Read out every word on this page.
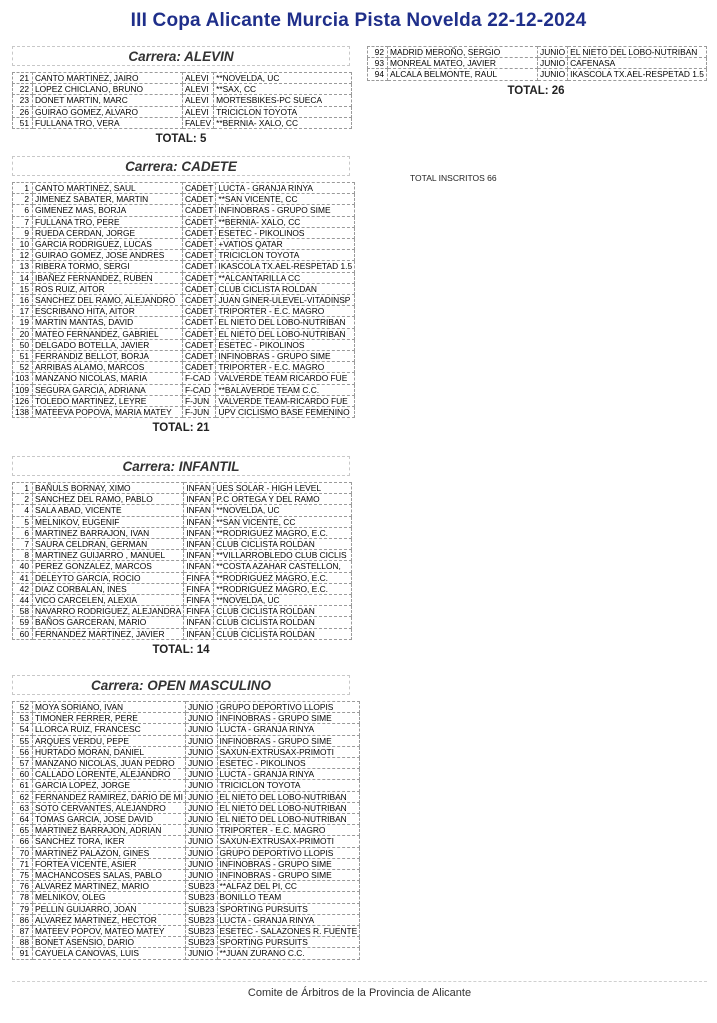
III Copa Alicante Murcia Pista Novelda 22-12-2024
Carrera: ALEVIN
21	CANTO MARTINEZ, JAIRO	ALEVI	**NOVELDA, UC
22	LOPEZ CHICLANO, BRUNO	ALEVI	**SAX, CC
23	DONET MARTIN, MARC	ALEVI	MORTESBIKES-PC SUECA
26	GUIRAO GOMEZ, ALVARO	ALEVI	TRICICLON TOYOTA
51	FULLANA TRO, VERA	FALEV	**BERNIA- XALO, CC
TOTAL: 5
Carrera: CADETE
1	CANTO MARTINEZ, SAUL	CADET	LUCTA - GRANJA RINYA
2	JIMENEZ SABATER, MARTIN	CADET	**SAN VICENTE, CC
6	GIMENEZ MAS, BORJA	CADET	INFINOBRAS - GRUPO SIME
7	FULLANA TRO, PERE	CADET	**BERNIA- XALO, CC
9	RUEDA CERDAN, JORGE	CADET	ESETEC - PIKOLINOS
10	GARCIA RODRIGUEZ, LUCAS	CADET	+VATIOS QATAR
12	GUIRAO GOMEZ, JOSE ANDRES	CADET	TRICICLON TOYOTA
13	RIBERA TORMO, SERGI	CADET	IKASCOLA TX.AEL-RESPETAD 1.5
14	IBAÑEZ FERNANDEZ, RUBEN	CADET	**ALCANTARILLA CC
15	ROS RUIZ, AITOR	CADET	CLUB CICLISTA ROLDAN
16	SANCHEZ DEL RAMO, ALEJANDRO	CADET	JUAN GINER-ULEVEL-VITADINSP
17	ESCRIBANO HITA, AITOR	CADET	TRIPORTER - E.C. MAGRO
19	MARTIN MANTAS, DAVID	CADET	EL NIETO DEL LOBO-NUTRIBAN
20	MATEO FERNANDEZ, GABRIEL	CADET	EL NIETO DEL LOBO-NUTRIBAN
50	DELGADO BOTELLA, JAVIER	CADET	ESETEC - PIKOLINOS
51	FERRANDIZ BELLOT, BORJA	CADET	INFINOBRAS - GRUPO SIME
52	ARRIBAS ALAMO, MARCOS	CADET	TRIPORTER - E.C. MAGRO
103	MANZANO NICOLAS, MARIA	F-CAD	VALVERDE TEAM RICARDO FUE
109	SEGURA GARCIA, ADRIANA	F-CAD	**BALAVERDE TEAM C.C.
126	TOLEDO MARTINEZ, LEYRE	F-JUN	VALVERDE TEAM-RICARDO FUE
138	MATEEVA POPOVA, MARIA MATEY	F-JUN	UPV CICLISMO BASE FEMENINO
TOTAL: 21
TOTAL INSCRITOS 66
Carrera: INFANTIL
1	BAÑULS BORNAY, XIMO	INFAN	UES SOLAR - HIGH LEVEL
2	SANCHEZ DEL RAMO, PABLO	INFAN	P.C ORTEGA Y DEL RAMO
4	SALA ABAD, VICENTE	INFAN	**NOVELDA, UC
5	MELNIKOV, EUGENIF	INFAN	**SAN VICENTE, CC
6	MARTINEZ BARRAJON, IVAN	INFAN	**RODRIGUEZ MAGRO, E.C.
7	SAURA CELDRAN, GERMAN	INFAN	CLUB CICLISTA ROLDAN
8	MARTINEZ GUIJARRO , MANUEL	INFAN	**VILLARROBLEDO CLUB CICLIS
40	PEREZ GONZALEZ, MARCOS	INFAN	**COSTA AZAHAR CASTELLON,
41	DELEYTO GARCIA, ROCIO	FINFA	**RODRIGUEZ MAGRO, E.C.
42	DIAZ CORBALAN, INES	FINFA	**RODRIGUEZ MAGRO, E.C.
44	VICO CARCELEN, ALEXIA	FINFA	**NOVELDA, UC
58	NAVARRO RODRIGUEZ, ALEJANDRA	FINFA	CLUB CICLISTA ROLDAN
59	BAÑOS GARCERAN, MARIO	INFAN	CLUB CICLISTA ROLDAN
60	FERNANDEZ MARTINEZ, JAVIER	INFAN	CLUB CICLISTA ROLDAN
TOTAL: 14
Carrera: OPEN MASCULINO
52	MOYA SORIANO, IVAN	JUNIO	GRUPO DEPORTIVO LLOPIS
53	TIMONER FERRER, PERE	JUNIO	INFINOBRAS - GRUPO SIME
54	LLORCA RUIZ, FRANCESC	JUNIO	LUCTA - GRANJA RINYA
55	ARQUES VERDU, PEPE	JUNIO	INFINOBRAS - GRUPO SIME
56	HURTADO MORAN, DANIEL	JUNIO	SAXUN-EXTRUSAX-PRIMOTI
57	MANZANO NICOLAS, JUAN PEDRO	JUNIO	ESETEC - PIKOLINOS
60	CALLADO LORENTE, ALEJANDRO	JUNIO	LUCTA - GRANJA RINYA
61	GARCIA LOPEZ, JORGE	JUNIO	TRICICLON TOYOTA
62	FERNANDEZ RAMIREZ, DARIO DE MI	JUNIO	EL NIETO DEL LOBO-NUTRIBAN
63	SOTO CERVANTES, ALEJANDRO	JUNIO	EL NIETO DEL LOBO-NUTRIBAN
64	TOMAS GARCIA, JOSE DAVID	JUNIO	EL NIETO DEL LOBO-NUTRIBAN
65	MARTINEZ BARRAJON, ADRIAN	JUNIO	TRIPORTER - E.C. MAGRO
66	SANCHEZ TORA, IKER	JUNIO	SAXUN-EXTRUSAX-PRIMOTI
70	MARTINEZ PALAZON, GINES	JUNIO	GRUPO DEPORTIVO LLOPIS
71	FORTEA VICENTE, ASIER	JUNIO	INFINOBRAS - GRUPO SIME
75	MACHANCOSES SALAS, PABLO	JUNIO	INFINOBRAS - GRUPO SIME
76	ALVAREZ MARTINEZ, MARIO	SUB23	**ALFAZ DEL PI, CC
78	MELNIKOV, OLEG	SUB23	BONILLO TEAM
79	PELLIN GUIJARRO, JOAN	SUB23	SPORTING PURSUITS
86	ALVAREZ MARTINEZ, HECTOR	SUB23	LUCTA - GRANJA RINYA
87	MATEEV POPOV, MATEO MATEY	SUB23	ESETEC - SALAZONES R. FUENTE
88	BONET ASENSIO, DARIO	SUB23	SPORTING PURSUITS
91	CAYUELA CANOVAS, LUIS	JUNIO	**JUAN ZURANO C.C.
92	MADRID MEROÑO, SERGIO	JUNIO	EL NIETO DEL LOBO-NUTRIBAN
93	MONREAL MATEO, JAVIER	JUNIO	CAFENASA
94	ALCALA BELMONTE, RAUL	JUNIO	IKASCOLA TX.AEL-RESPETAD 1.5
TOTAL: 26
Comite de Árbitros de la Provincia de Alicante
